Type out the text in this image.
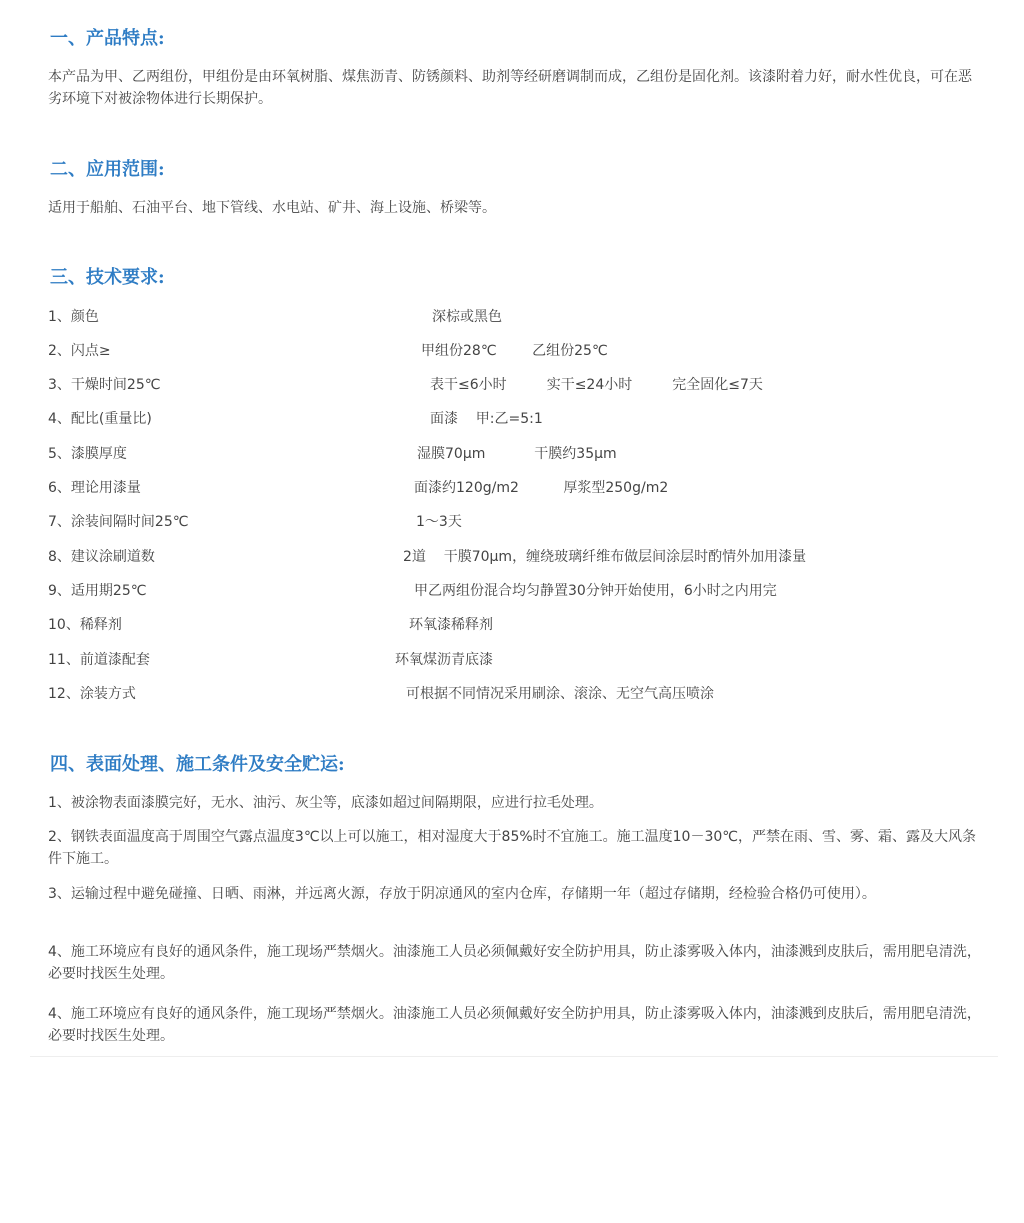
一、产品特点:

本产品为甲、乙两组份，甲组份是由环氧树脂、煤焦沥青、防锈颜料、助剂等经研磨调制而成，乙组份是固化剂。该漆附着力好，耐水性优良，可在恶劣环境下对被涂物体进行长期保护。

二、应用范围:

适用于船舶、石油平台、地下管线、水电站、矿井、海上设施、桥梁等。

三、技术要求:
1、颜色	深棕或黑色
2、闪点≥	甲组份28℃        乙组份25℃
3、干燥时间25℃	表干≤6小时         实干≤24小时         完全固化≤7天
4、配比(重量比)	面漆    甲:乙=5:1
5、漆膜厚度	湿膜70μm           干膜约35μm
6、理论用漆量	面漆约120g/m2          厚浆型250g/m2
7、涂装间隔时间25℃	1～3天
8、建议涂刷道数	2道    干膜70μm，缠绕玻璃纤维布做层间涂层时酌情外加用漆量
9、适用期25℃	甲乙两组份混合均匀静置30分钟开始使用，6小时之内用完
10、稀释剂	环氧漆稀释剂
11、前道漆配套	环氧煤沥青底漆
12、涂装方式	可根据不同情况采用刷涂、滚涂、无空气高压喷涂
四、表面处理、施工条件及安全贮运:

1、被涂物表面漆膜完好，无水、油污、灰尘等，底漆如超过间隔期限，应进行拉毛处理。

2、钢铁表面温度高于周围空气露点温度3℃以上可以施工，相对湿度大于85%时不宜施工。施工温度10－30℃，严禁在雨、雪、雾、霜、露及大风条件下施工。

3、运输过程中避免碰撞、日晒、雨淋，并远离火源，存放于阴凉通风的室内仓库，存储期一年（超过存储期，经检验合格仍可使用）。

4、施工环境应有良好的通风条件，施工现场严禁烟火。油漆施工人员必须佩戴好安全防护用具，防止漆雾吸入体内，油漆溅到皮肤后，需用肥皂清洗，必要时找医生处理。

4、施工环境应有良好的通风条件，施工现场严禁烟火。油漆施工人员必须佩戴好安全防护用具，防止漆雾吸入体内，油漆溅到皮肤后，需用肥皂清洗，必要时找医生处理。
